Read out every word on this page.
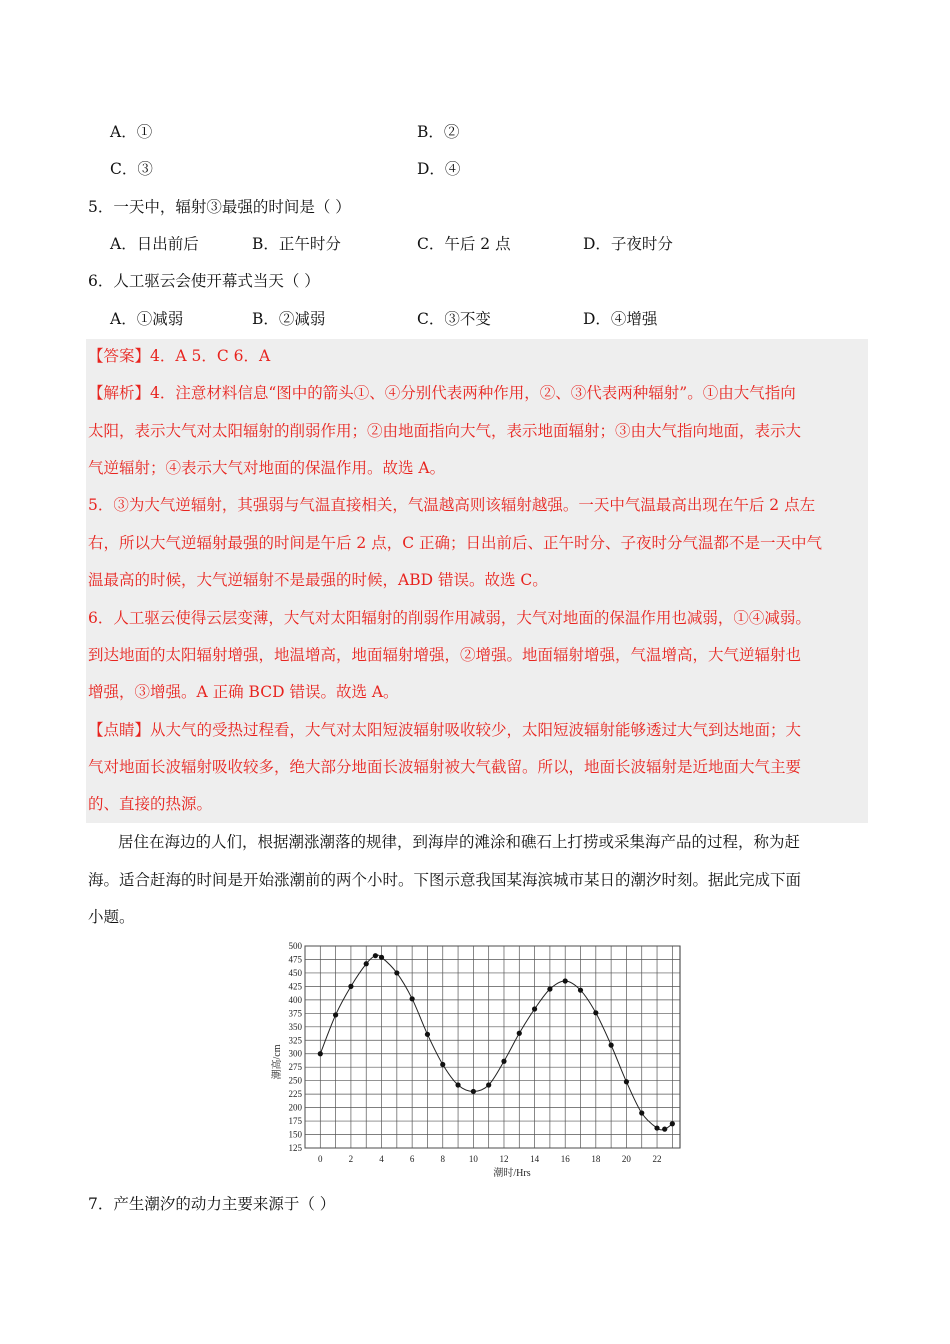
A．①	B．②
C．③	D．④
5．一天中，辐射③最强的时间是（ ）
A．日出前后	B．正午时分	C．午后 2 点	D．子夜时分
6．人工驱云会使开幕式当天（ ）
A．①减弱	B．②减弱	C．③不变	D．④增强
【答案】4．A 5．C 6．A
【解析】4．注意材料信息“图中的箭头①、④分别代表两种作用，②、③代表两种辐射”。①由大气指向
太阳，表示大气对太阳辐射的削弱作用；②由地面指向大气，表示地面辐射；③由大气指向地面，表示大
气逆辐射；④表示大气对地面的保温作用。故选 A。
5．③为大气逆辐射，其强弱与气温直接相关，气温越高则该辐射越强。一天中气温最高出现在午后 2 点左
右，所以大气逆辐射最强的时间是午后 2 点，C 正确；日出前后、正午时分、子夜时分气温都不是一天中气
温最高的时候，大气逆辐射不是最强的时候，ABD 错误。故选 C。
6．人工驱云使得云层变薄，大气对太阳辐射的削弱作用减弱，大气对地面的保温作用也减弱，①④减弱。
到达地面的太阳辐射增强，地温增高，地面辐射增强，②增强。地面辐射增强，气温增高，大气逆辐射也
增强，③增强。A 正确 BCD 错误。故选 A。
【点睛】从大气的受热过程看，大气对太阳短波辐射吸收较少，太阳短波辐射能够透过大气到达地面；大
气对地面长波辐射吸收较多，绝大部分地面长波辐射被大气截留。所以，地面长波辐射是近地面大气主要
的、直接的热源。
居住在海边的人们，根据潮涨潮落的规律，到海岸的滩涂和礁石上打捞或采集海产品的过程，称为赶
海。适合赶海的时间是开始涨潮前的两个小时。下图示意我国某海滨城市某日的潮汐时刻。据此完成下面
小题。
125
150
175
200
225
250
275
300
325
350
375
400
425
450
475
500
0	2	4	6	8	10 12 14 16 18 20 22
潮时/Hrs
潮高/cm
7．产生潮汐的动力主要来源于（ ）
